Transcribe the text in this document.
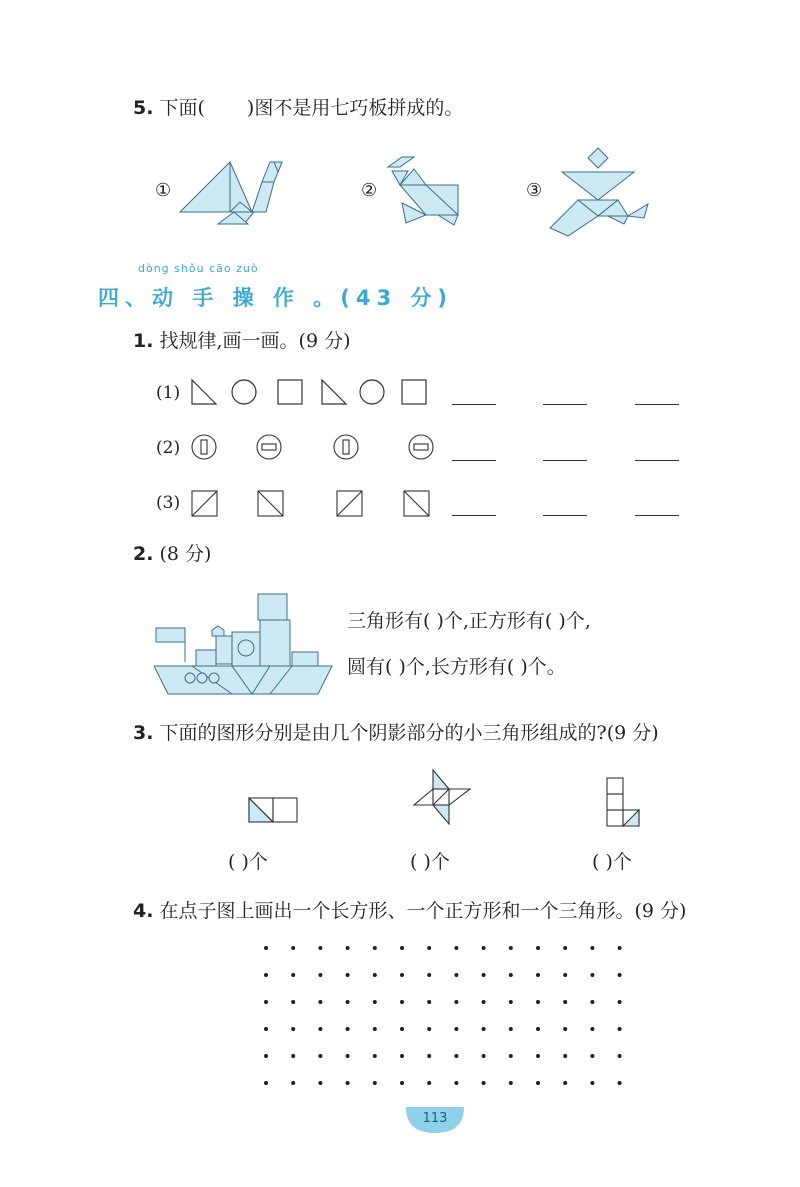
5. 下面( )图不是用七巧板拼成的。
①	②	③
dòng shǒu cāo zuò
四、动 手 操 作 。(43 分)
1. 找规律,画一画。(9 分)
(1)
(2)
(3)
2. (8 分)
三角形有( )个,正方形有( )个,
圆有( )个,长方形有( )个。
3. 下面的图形分别是由几个阴影部分的小三角形组成的?(9 分)
( )个	( )个	( )个
4. 在点子图上画出一个长方形、一个正方形和一个三角形。(9 分)
113
